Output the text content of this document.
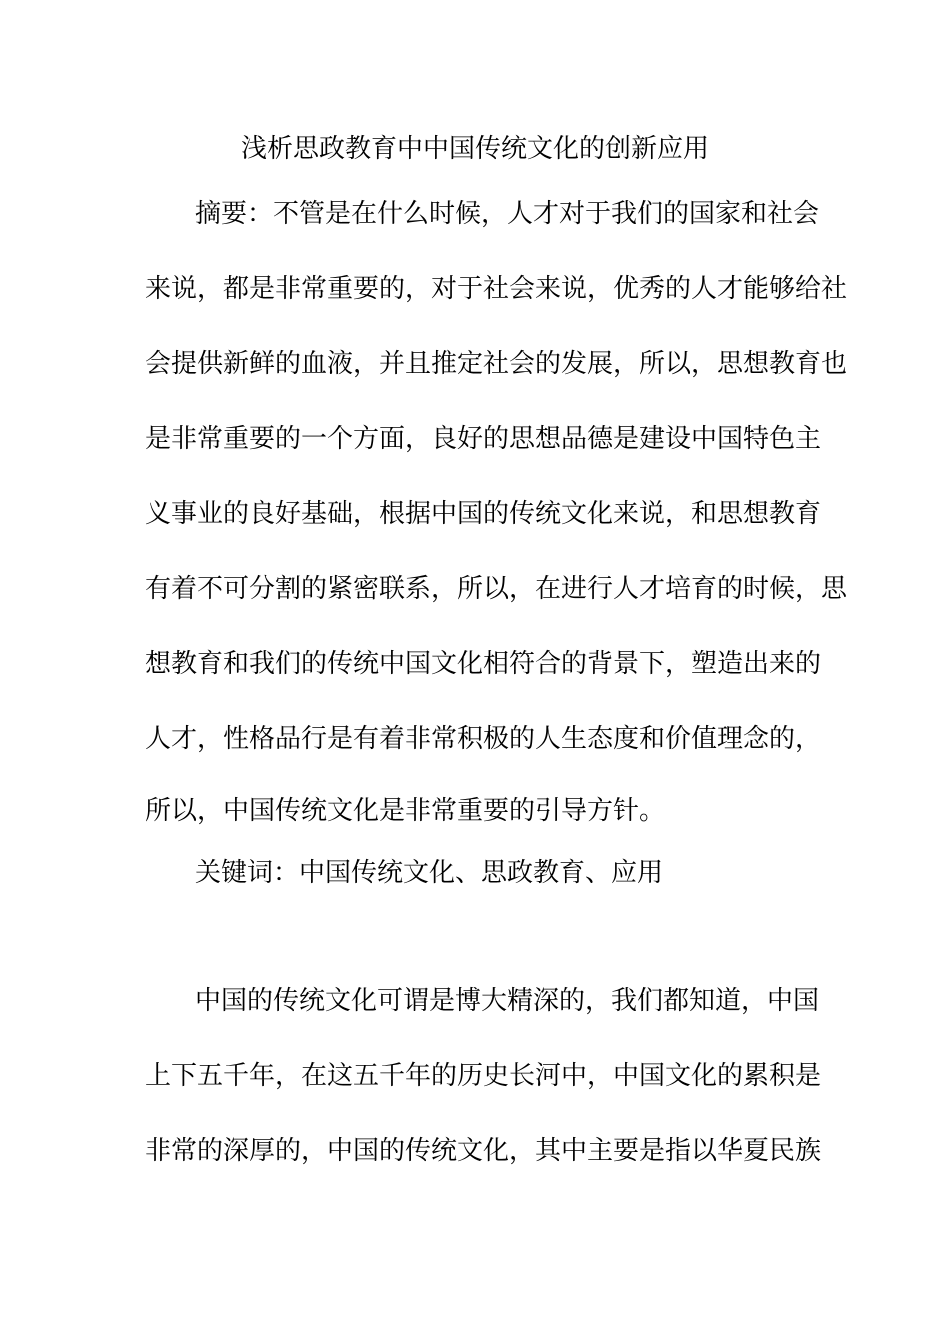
浅析思政教育中中国传统文化的创新应用
摘要：不管是在什么时候，人才对于我们的国家和社会
来说，都是非常重要的，对于社会来说，优秀的人才能够给社
会提供新鲜的血液，并且推定社会的发展，所以，思想教育也
是非常重要的一个方面，良好的思想品德是建设中国特色主
义事业的良好基础，根据中国的传统文化来说，和思想教育
有着不可分割的紧密联系，所以，在进行人才培育的时候，思
想教育和我们的传统中国文化相符合的背景下，塑造出来的
人才，性格品行是有着非常积极的人生态度和价值理念的，
所以，中国传统文化是非常重要的引导方针。
关键词：中国传统文化、思政教育、应用
中国的传统文化可谓是博大精深的，我们都知道，中国
上下五千年，在这五千年的历史长河中，中国文化的累积是
非常的深厚的，中国的传统文化，其中主要是指以华夏民族
